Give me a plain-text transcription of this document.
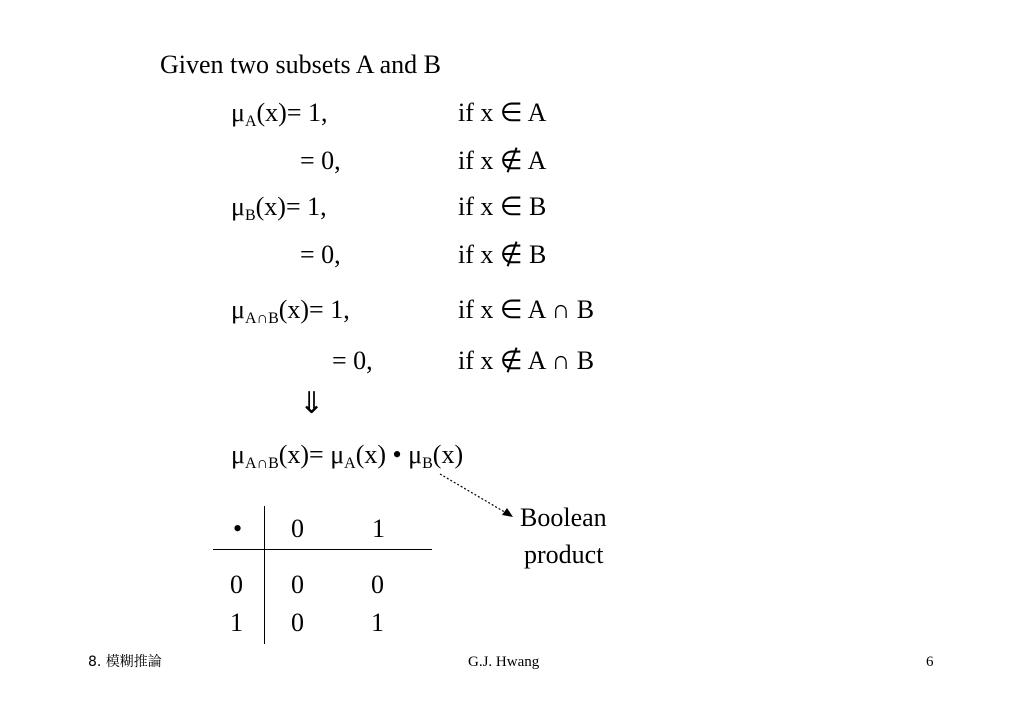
Given two subsets A and B
$\mu_A(x)= 1$,	if x ∈ A
= 0,	if x ∉ A
$\mu_B(x)= 1$,	if x ∈ B
= 0,	if x ∉ B
$\mu_{A\cap B}(x)= 1$,	if x ∈ A ∩ B
= 0,	if x ∉ A ∩ B
⇓
$\mu_{A\cap B}(x)= \mu_A(x)$ • $\mu_B(x)$
Boolean
product
• 0	1
0 0	0
1 0	1
8. 模糊推論	G.J. Hwang	6
